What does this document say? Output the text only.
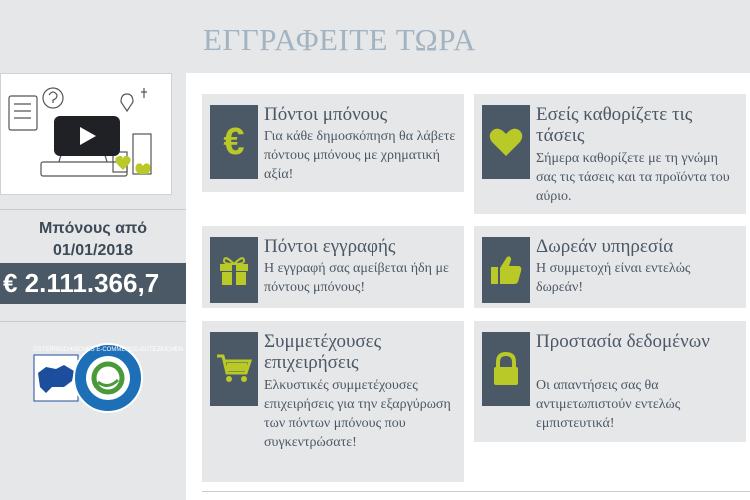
ΕΓΓΡΑΦΕΙΤΕ ΤΩΡΑ
Μπόνους από
01/01/2018
€ 2.111.366,7
ÖSTERREICHISCHES E-COMMERCE-GÜTEZEICHEN
€
Πόντοι μπόνους
Για κάθε δημοσκόπηση θα λάβετε πόντους μπόνους με χρηματική αξία!
Εσείς καθορίζετε τις τάσεις
Σήμερα καθορίζετε με τη γνώμη σας τις τάσεις και τα προϊόντα του αύριο.
Πόντοι εγγραφής
Η εγγραφή σας αμείβεται ήδη με πόντους μπόνους!
Δωρεάν υπηρεσία
Η συμμετοχή είναι εντελώς δωρεάν!
Συμμετέχουσες επιχειρήσεις
Ελκυστικές συμμετέχουσες επιχειρήσεις για την εξαργύρωση των πόντων μπόνους που συγκεντρώσατε!
Προστασία δεδομένων
Οι απαντήσεις σας θα αντιμετωπιστούν εντελώς εμπιστευτικά!
